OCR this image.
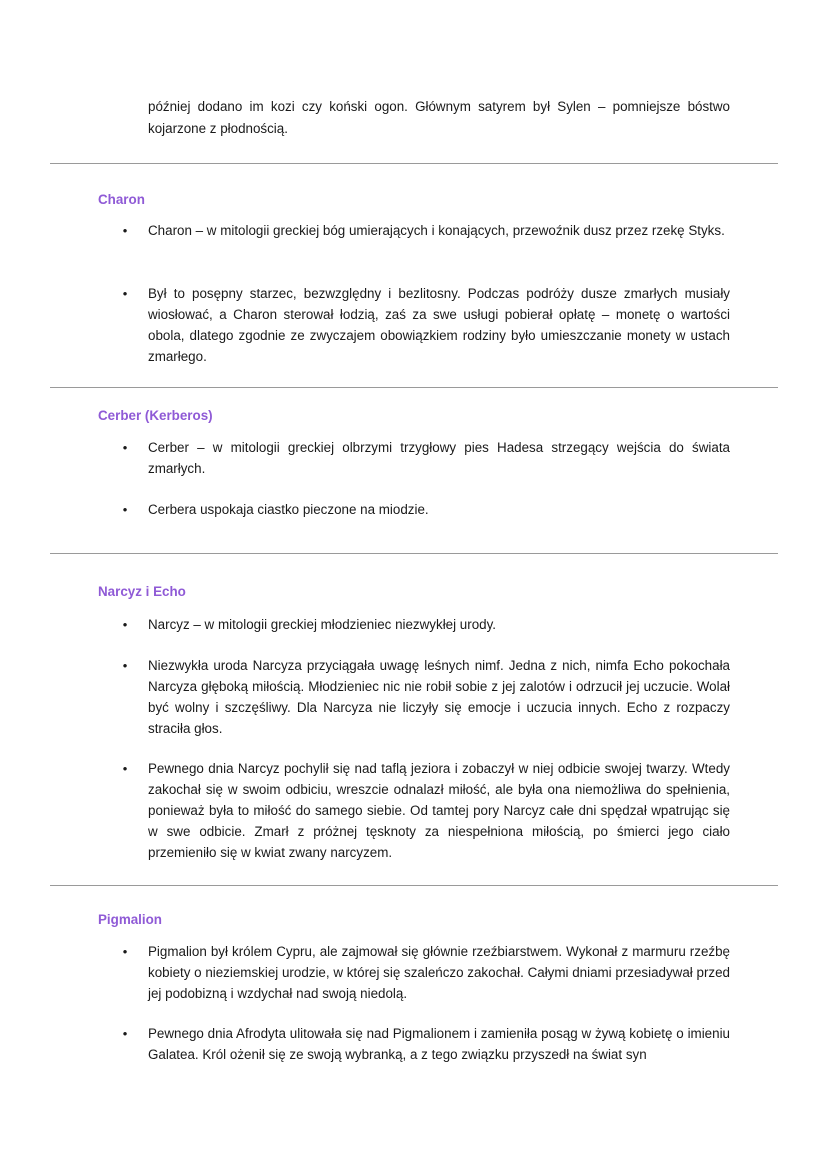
później dodano im kozi czy koński ogon. Głównym satyrem był Sylen – pomniejsze bóstwo kojarzone z płodnością.

Charon
• Charon – w mitologii greckiej bóg umierających i konających, przewoźnik dusz przez rzekę Styks.
• Był to posępny starzec, bezwzględny i bezlitosny. Podczas podróży dusze zmarłych musiały wiosłować, a Charon sterował łodzią, zaś za swe usługi pobierał opłatę – monetę o wartości obola, dlatego zgodnie ze zwyczajem obowiązkiem rodziny było umieszczanie monety w ustach zmarłego.
Cerber (Kerberos)
• Cerber – w mitologii greckiej olbrzymi trzygłowy pies Hadesa strzegący wejścia do świata zmarłych.
• Cerbera uspokaja ciastko pieczone na miodzie.
Narcyz i Echo
• Narcyz – w mitologii greckiej młodzieniec niezwykłej urody.
• Niezwykła uroda Narcyza przyciągała uwagę leśnych nimf. Jedna z nich, nimfa Echo pokochała Narcyza głęboką miłością. Młodzieniec nic nie robił sobie z jej zalotów i odrzucił jej uczucie. Wolał być wolny i szczęśliwy. Dla Narcyza nie liczyły się emocje i uczucia innych. Echo z rozpaczy straciła głos.
• Pewnego dnia Narcyz pochylił się nad taflą jeziora i zobaczył w niej odbicie swojej twarzy. Wtedy zakochał się w swoim odbiciu, wreszcie odnalazł miłość, ale była ona niemożliwa do spełnienia, ponieważ była to miłość do samego siebie. Od tamtej pory Narcyz całe dni spędzał wpatrując się w swe odbicie. Zmarł z próżnej tęsknoty za niespełniona miłością, po śmierci jego ciało przemieniło się w kwiat zwany narcyzem.
Pigmalion
• Pigmalion był królem Cypru, ale zajmował się głównie rzeźbiarstwem. Wykonał z marmuru rzeźbę kobiety o nieziemskiej urodzie, w której się szaleńczo zakochał. Całymi dniami przesiadywał przed jej podobizną i wzdychał nad swoją niedolą.
• Pewnego dnia Afrodyta ulitowała się nad Pigmalionem i zamieniła posąg w żywą kobietę o imieniu Galatea. Król ożenił się ze swoją wybranką, a z tego związku przyszedł na świat syn
